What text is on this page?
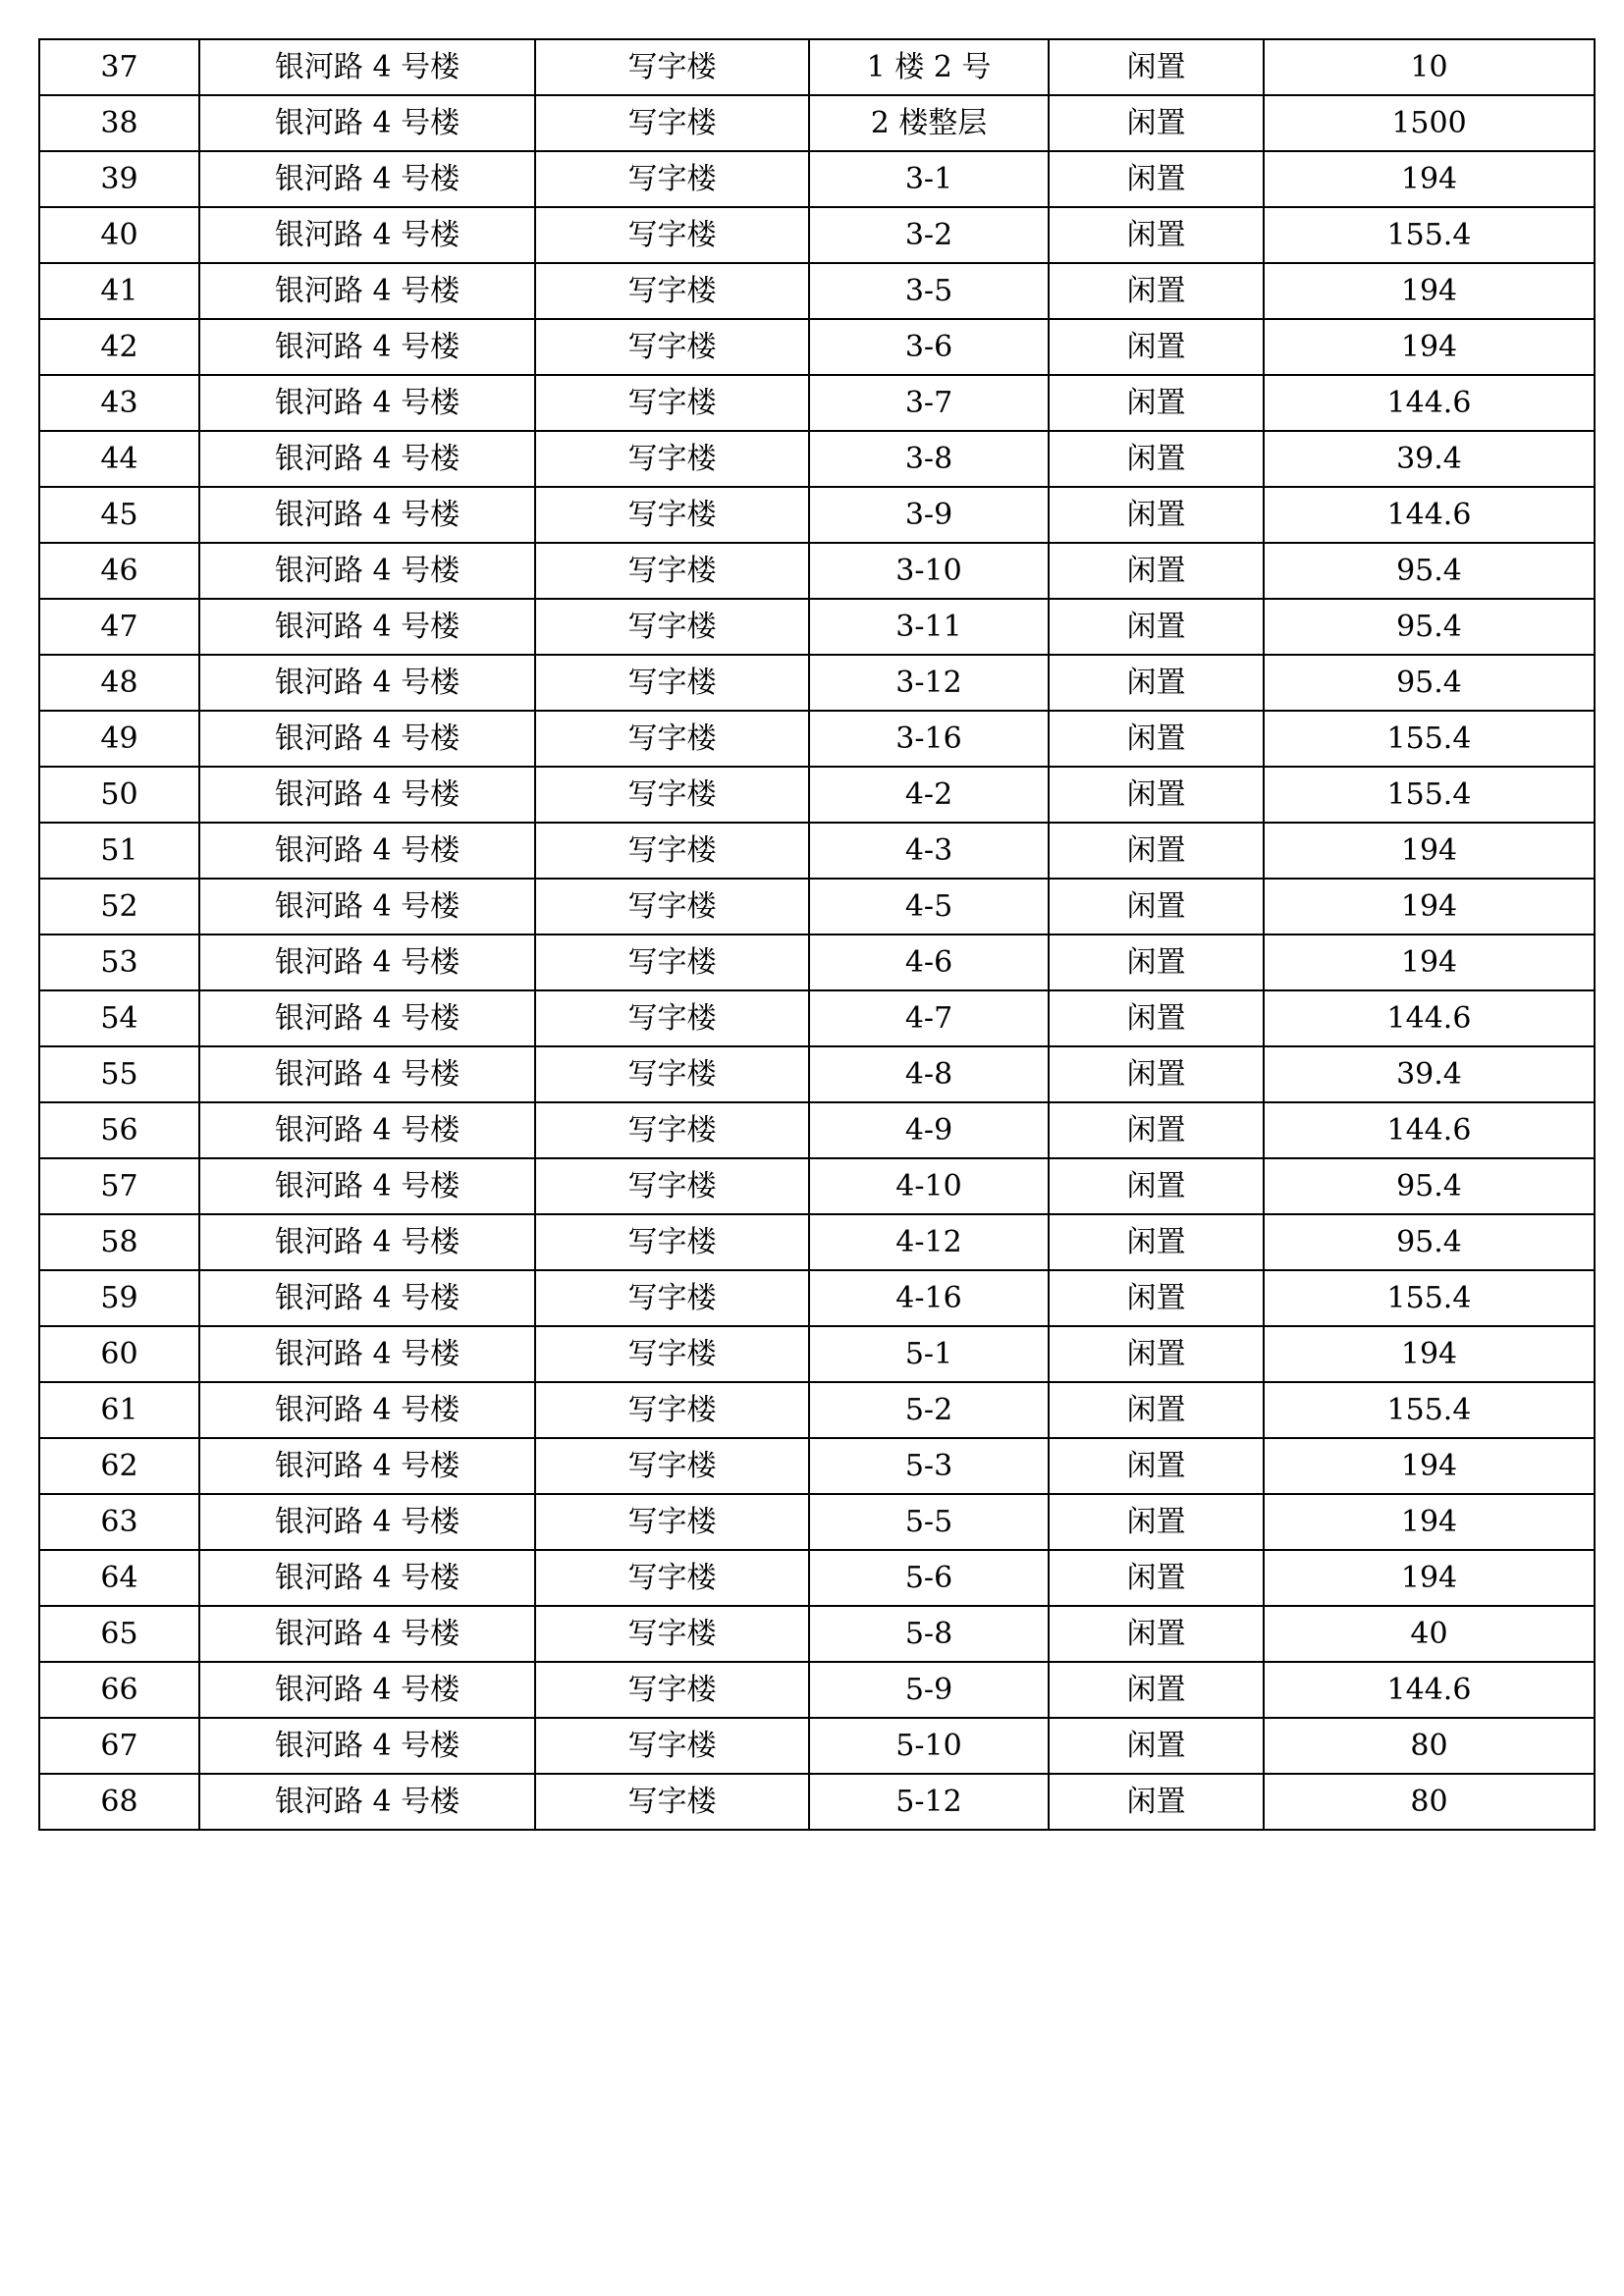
37	银河路 4 号楼	写字楼	1 楼 2 号	闲置	10
38	银河路 4 号楼	写字楼	2 楼整层	闲置	1500
39	银河路 4 号楼	写字楼	3-1	闲置	194
40	银河路 4 号楼	写字楼	3-2	闲置	155.4
41	银河路 4 号楼	写字楼	3-5	闲置	194
42	银河路 4 号楼	写字楼	3-6	闲置	194
43	银河路 4 号楼	写字楼	3-7	闲置	144.6
44	银河路 4 号楼	写字楼	3-8	闲置	39.4
45	银河路 4 号楼	写字楼	3-9	闲置	144.6
46	银河路 4 号楼	写字楼	3-10	闲置	95.4
47	银河路 4 号楼	写字楼	3-11	闲置	95.4
48	银河路 4 号楼	写字楼	3-12	闲置	95.4
49	银河路 4 号楼	写字楼	3-16	闲置	155.4
50	银河路 4 号楼	写字楼	4-2	闲置	155.4
51	银河路 4 号楼	写字楼	4-3	闲置	194
52	银河路 4 号楼	写字楼	4-5	闲置	194
53	银河路 4 号楼	写字楼	4-6	闲置	194
54	银河路 4 号楼	写字楼	4-7	闲置	144.6
55	银河路 4 号楼	写字楼	4-8	闲置	39.4
56	银河路 4 号楼	写字楼	4-9	闲置	144.6
57	银河路 4 号楼	写字楼	4-10	闲置	95.4
58	银河路 4 号楼	写字楼	4-12	闲置	95.4
59	银河路 4 号楼	写字楼	4-16	闲置	155.4
60	银河路 4 号楼	写字楼	5-1	闲置	194
61	银河路 4 号楼	写字楼	5-2	闲置	155.4
62	银河路 4 号楼	写字楼	5-3	闲置	194
63	银河路 4 号楼	写字楼	5-5	闲置	194
64	银河路 4 号楼	写字楼	5-6	闲置	194
65	银河路 4 号楼	写字楼	5-8	闲置	40
66	银河路 4 号楼	写字楼	5-9	闲置	144.6
67	银河路 4 号楼	写字楼	5-10	闲置	80
68	银河路 4 号楼	写字楼	5-12	闲置	80
